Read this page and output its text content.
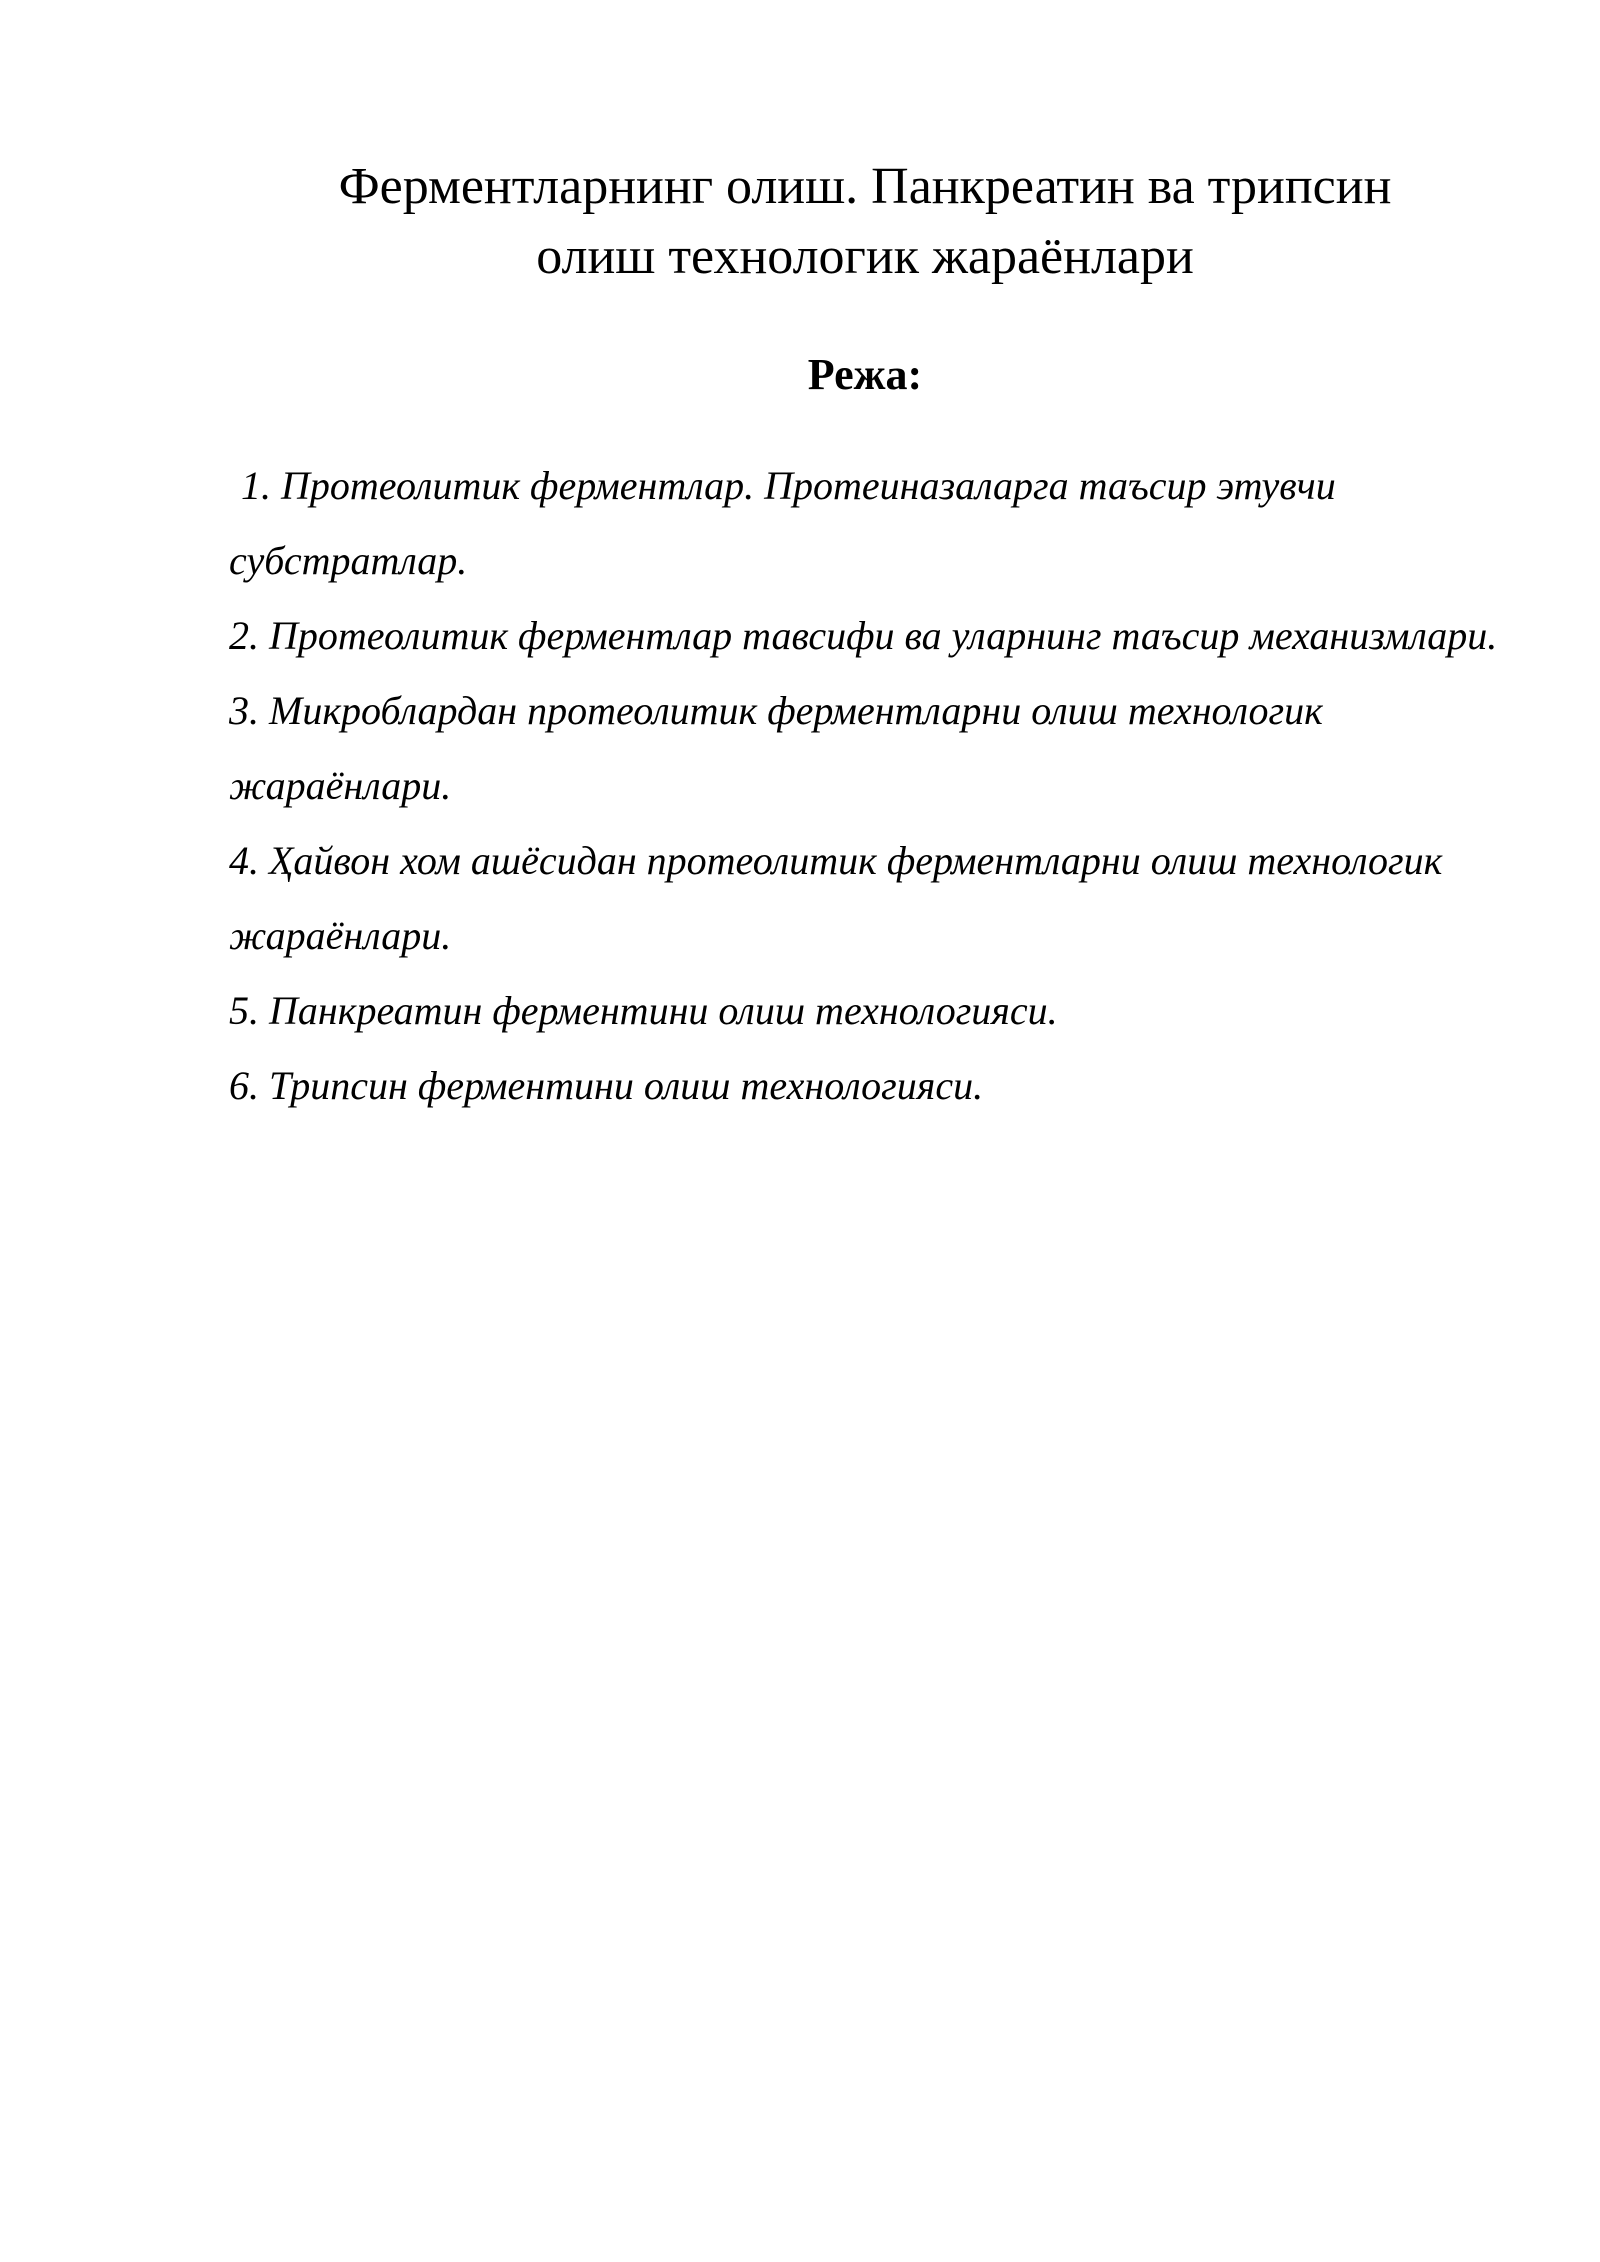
Ферментларнинг олиш. Панкреатин ва трипсин
олиш технологик жараёнлари
Режа:
1. Протеолитик ферментлар. Протеиназаларга таъсир этувчи субстратлар.
2. Протеолитик ферментлар тавсифи ва уларнинг таъсир механизмлари.
3. Микроблардан протеолитик ферментларни олиш технологик жараёнлари.
4. Ҳайвон хом ашёсидан протеолитик ферментларни олиш технологик жараёнлари.
5. Панкреатин ферментини олиш технологияси.
6. Трипсин ферментини олиш технологияси.
